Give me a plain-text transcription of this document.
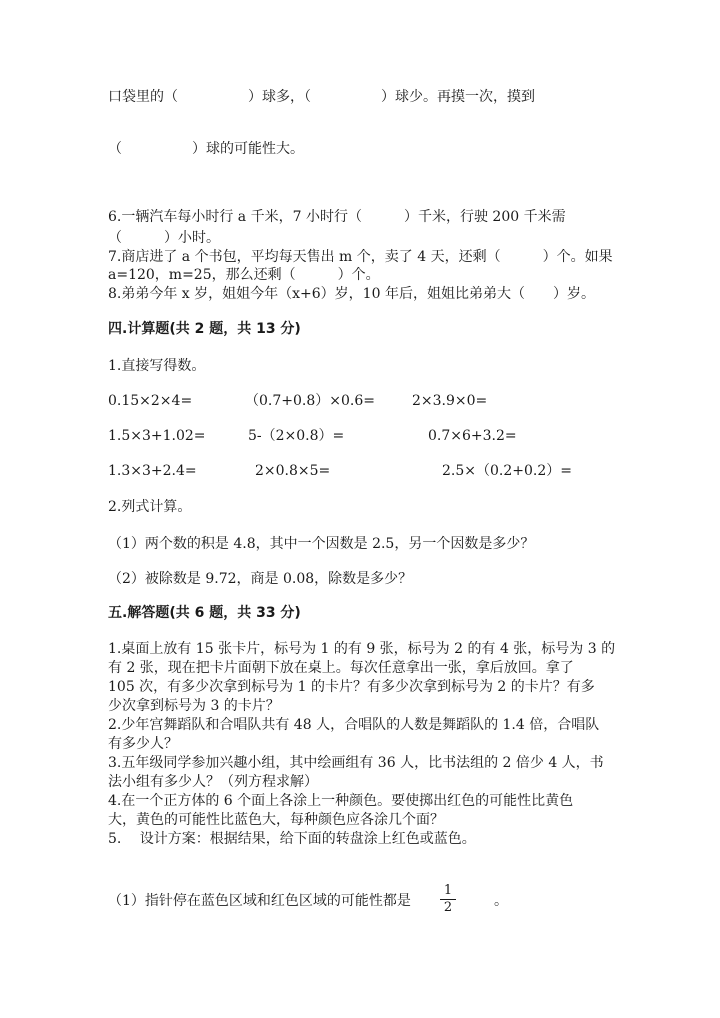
口袋里的（　　　　　）球多，（　　　　　）球少。再摸一次，摸到
（　　　　　）球的可能性大。
6.一辆汽车每小时行 a 千米，7 小时行（　　　）千米，行驶 200 千米需
（　　　）小时。
7.商店进了 a 个书包，平均每天售出 m 个，卖了 4 天，还剩（　　　）个。如果
a=120，m=25，那么还剩（　　　）个。
8.弟弟今年 x 岁，姐姐今年（x+6）岁，10 年后，姐姐比弟弟大（　　）岁。
四.计算题(共 2 题，共 13 分)
1.直接写得数。
0.15×2×4=	（0.7+0.8）×0.6=	2×3.9×0=
1.5×3+1.02=	5-（2×0.8）=	0.7×6+3.2=
1.3×3+2.4=	2×0.8×5=	2.5×（0.2+0.2）=
2.列式计算。
（1）两个数的积是 4.8，其中一个因数是 2.5，另一个因数是多少？
（2）被除数是 9.72，商是 0.08，除数是多少？
五.解答题(共 6 题，共 33 分)
1.桌面上放有 15 张卡片，标号为 1 的有 9 张，标号为 2 的有 4 张，标号为 3 的
有 2 张，现在把卡片面朝下放在桌上。每次任意拿出一张，拿后放回。拿了
105 次，有多少次拿到标号为 1 的卡片？有多少次拿到标号为 2 的卡片？有多
少次拿到标号为 3 的卡片？
2.少年宫舞蹈队和合唱队共有 48 人，合唱队的人数是舞蹈队的 1.4 倍，合唱队
有多少人？
3.五年级同学参加兴趣小组，其中绘画组有 36 人，比书法组的 2 倍少 4 人，书
法小组有多少人？（列方程求解）
4.在一个正方体的 6 个面上各涂上一种颜色。要使掷出红色的可能性比黄色
大，黄色的可能性比蓝色大，每种颜色应各涂几个面？
5.　 设计方案：根据结果，给下面的转盘涂上红色或蓝色。
（1）指针停在蓝色区域和红色区域的可能性都是 $\frac{1}{2}$	。
